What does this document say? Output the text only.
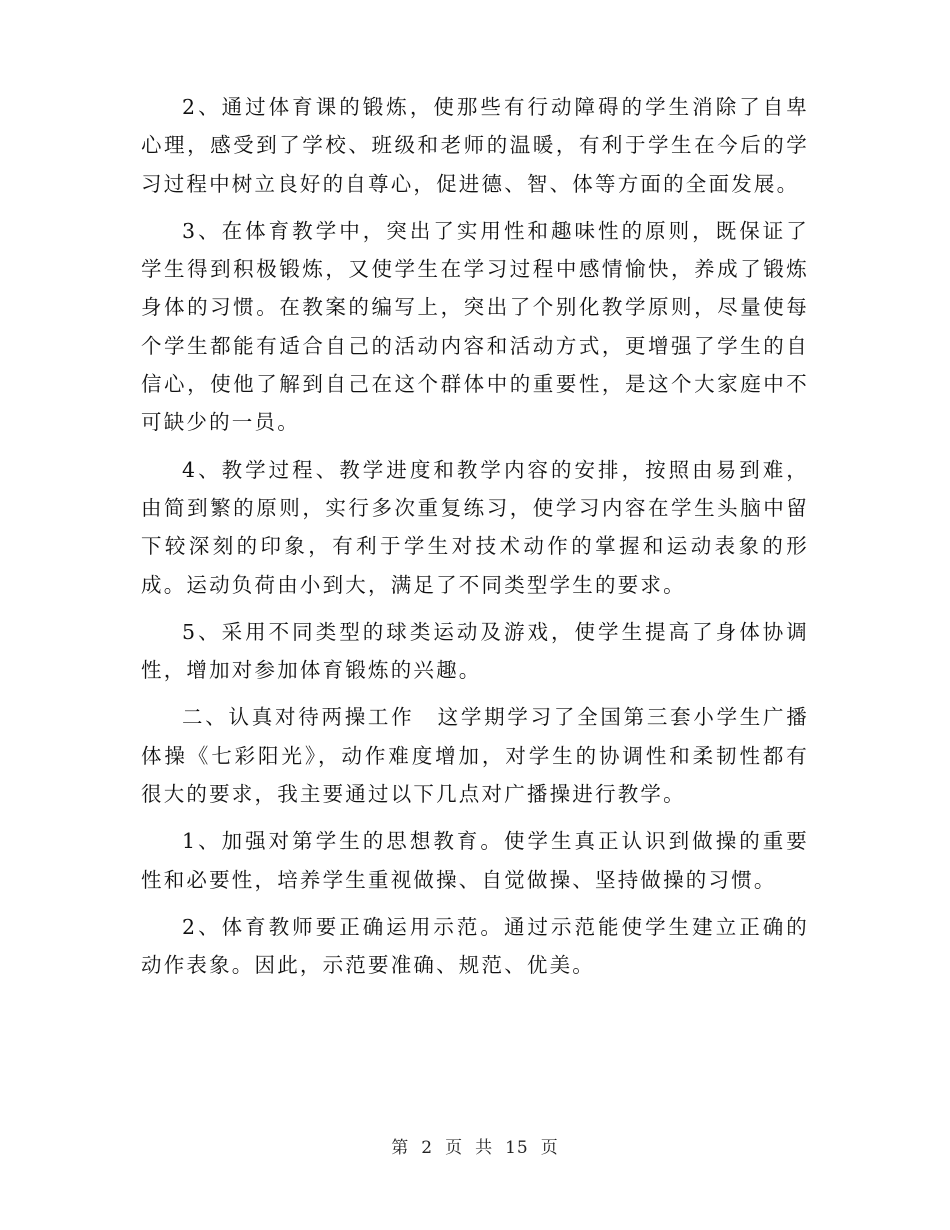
2、通过体育课的锻炼，使那些有行动障碍的学生消除了自卑心理，感受到了学校、班级和老师的温暖，有利于学生在今后的学习过程中树立良好的自尊心，促进德、智、体等方面的全面发展。

3、在体育教学中，突出了实用性和趣味性的原则，既保证了学生得到积极锻炼，又使学生在学习过程中感情愉快，养成了锻炼身体的习惯。在教案的编写上，突出了个别化教学原则，尽量使每个学生都能有适合自己的活动内容和活动方式，更增强了学生的自信心，使他了解到自己在这个群体中的重要性，是这个大家庭中不可缺少的一员。

4、教学过程、教学进度和教学内容的安排，按照由易到难，由简到繁的原则，实行多次重复练习，使学习内容在学生头脑中留下较深刻的印象，有利于学生对技术动作的掌握和运动表象的形成。运动负荷由小到大，满足了不同类型学生的要求。

5、采用不同类型的球类运动及游戏，使学生提高了身体协调性，增加对参加体育锻炼的兴趣。

二、认真对待两操工作　这学期学习了全国第三套小学生广播体操《七彩阳光》，动作难度增加，对学生的协调性和柔韧性都有很大的要求，我主要通过以下几点对广播操进行教学。

1、加强对第学生的思想教育。使学生真正认识到做操的重要性和必要性，培养学生重视做操、自觉做操、坚持做操的习惯。

2、体育教师要正确运用示范。通过示范能使学生建立正确的动作表象。因此，示范要准确、规范、优美。

第 2 页 共 15 页
